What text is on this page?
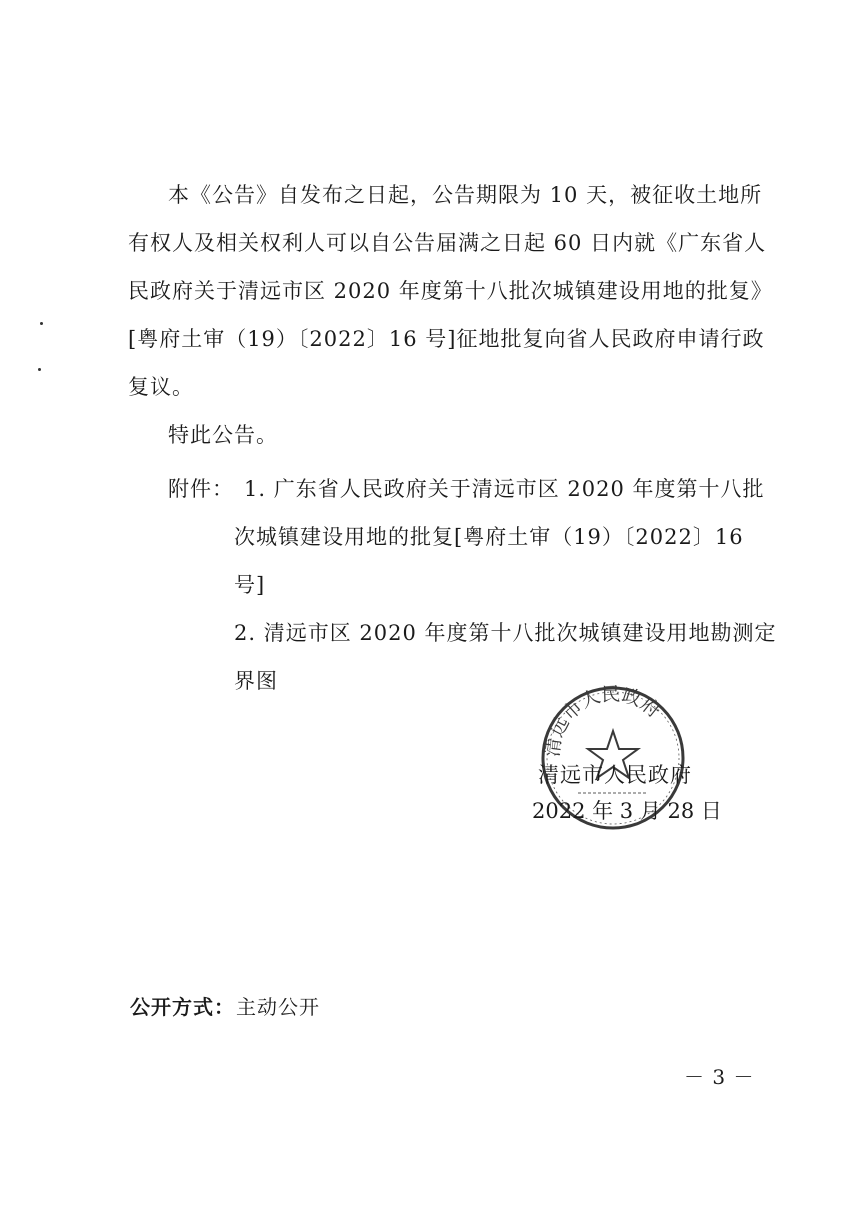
本《公告》自发布之日起，公告期限为 10 天，被征收土地所
有权人及相关权利人可以自公告届满之日起 60 日内就《广东省人
民政府关于清远市区 2020 年度第十八批次城镇建设用地的批复》
[粤府土审（19）〔2022〕16 号]征地批复向省人民政府申请行政
复议。
特此公告。
附件： 1. 广东省人民政府关于清远市区 2020 年度第十八批
次城镇建设用地的批复[粤府土审（19）〔2022〕16
号]
2. 清远市区 2020 年度第十八批次城镇建设用地勘测定
界图
清远市人民政府
清远市人民政府
2022 年 3 月 28 日
公开方式： 主动公开
－ 3 －
